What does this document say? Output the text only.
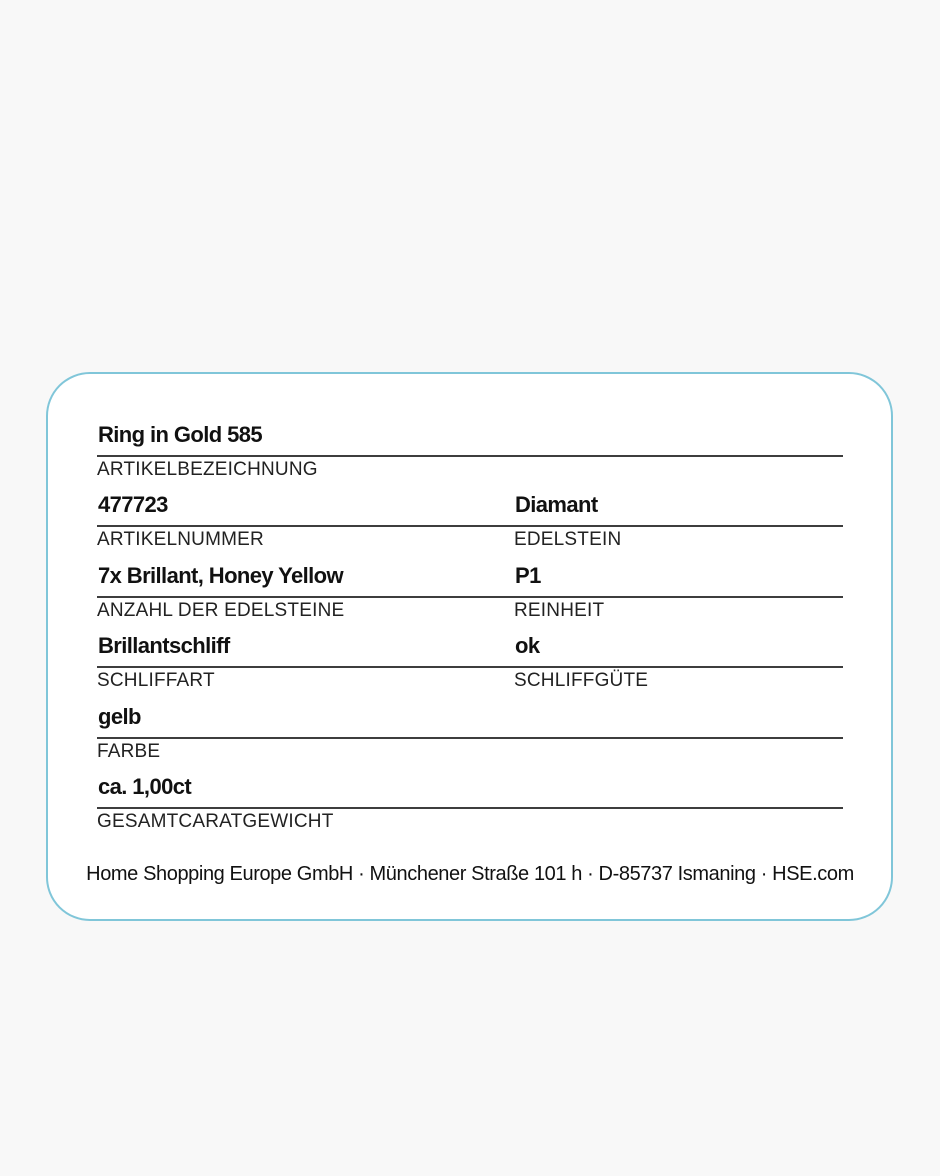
Ring in Gold 585
ARTIKELBEZEICHNUNG
477723
ARTIKELNUMMER
Diamant
EDELSTEIN
7x Brillant, Honey Yellow
ANZAHL DER EDELSTEINE
P1
REINHEIT
Brillantschliff
SCHLIFFART
ok
SCHLIFFGÜTE
gelb
FARBE
ca. 1,00ct
GESAMTCARATGEWICHT
Home Shopping Europe GmbH · Münchener Straße 101 h · D-85737 Ismaning · HSE.com
